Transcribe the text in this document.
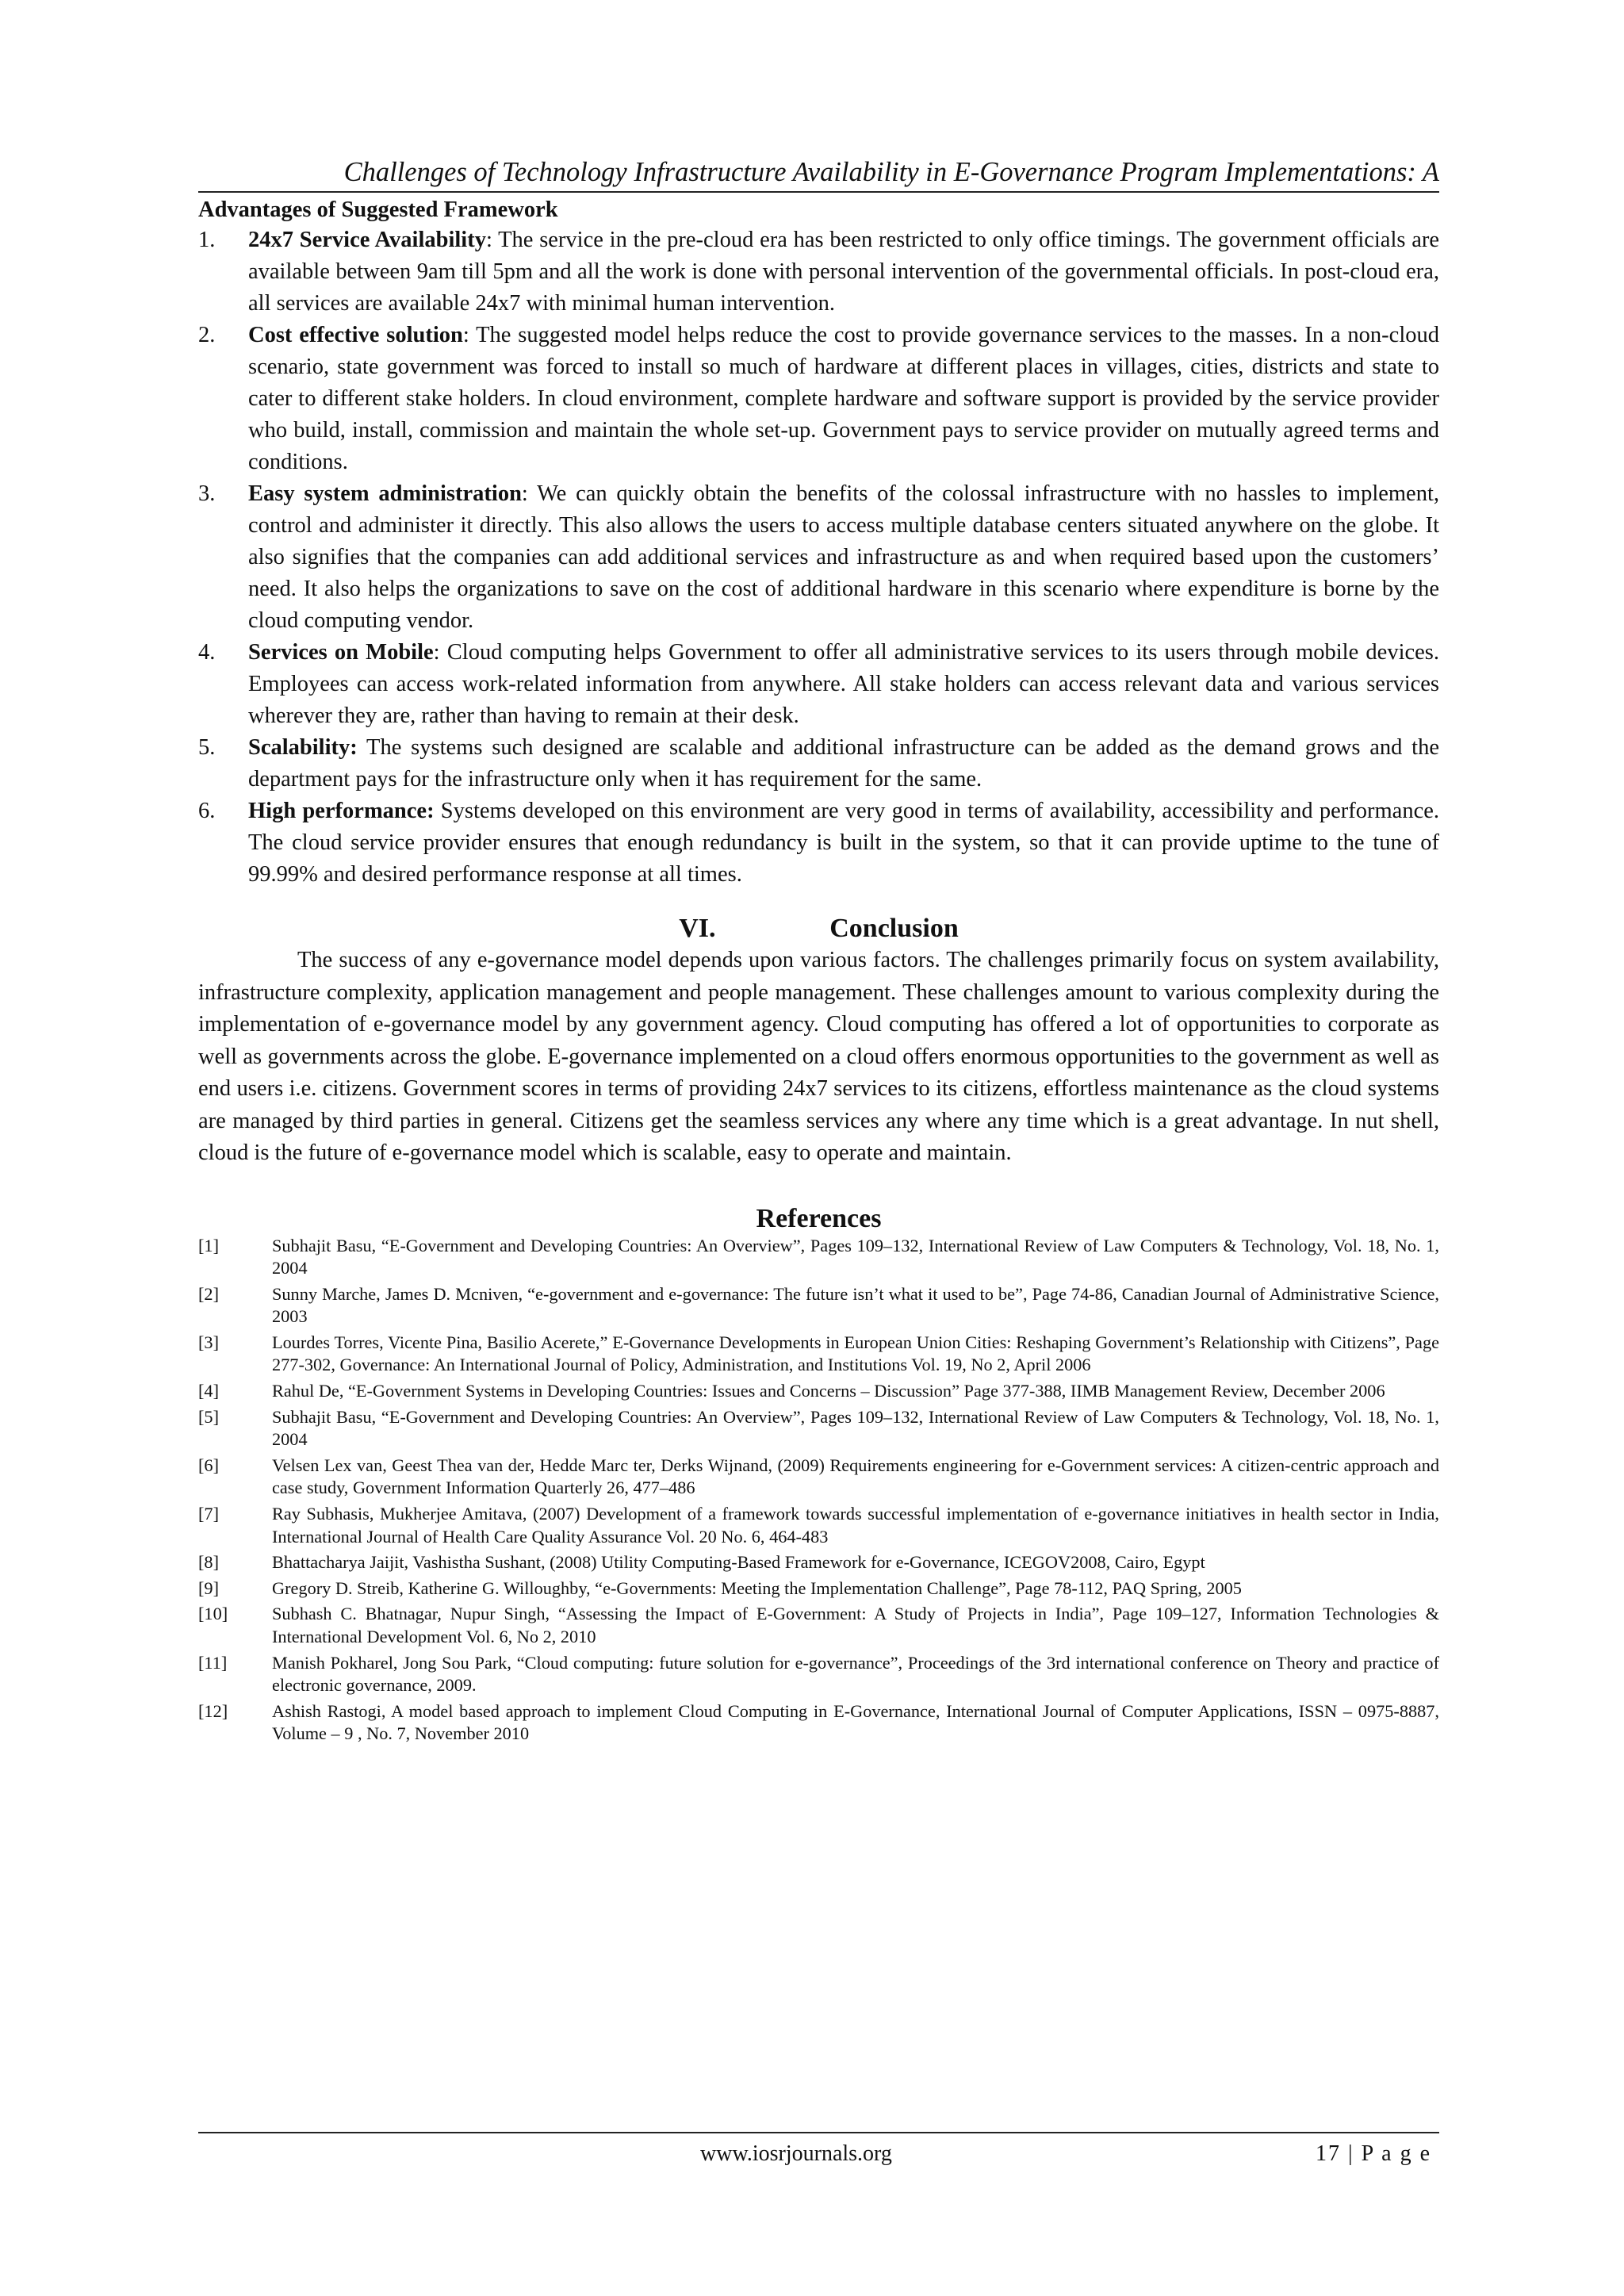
Challenges of Technology Infrastructure Availability in E-Governance Program Implementations: A
Advantages of Suggested Framework
1. 24x7 Service Availability: The service in the pre-cloud era has been restricted to only office timings. The government officials are available between 9am till 5pm and all the work is done with personal intervention of the governmental officials. In post-cloud era, all services are available 24x7 with minimal human intervention.
2. Cost effective solution: The suggested model helps reduce the cost to provide governance services to the masses. In a non-cloud scenario, state government was forced to install so much of hardware at different places in villages, cities, districts and state to cater to different stake holders. In cloud environment, complete hardware and software support is provided by the service provider who build, install, commission and maintain the whole set-up. Government pays to service provider on mutually agreed terms and conditions.
3. Easy system administration: We can quickly obtain the benefits of the colossal infrastructure with no hassles to implement, control and administer it directly. This also allows the users to access multiple database centers situated anywhere on the globe. It also signifies that the companies can add additional services and infrastructure as and when required based upon the customers’ need. It also helps the organizations to save on the cost of additional hardware in this scenario where expenditure is borne by the cloud computing vendor.
4. Services on Mobile: Cloud computing helps Government to offer all administrative services to its users through mobile devices. Employees can access work-related information from anywhere. All stake holders can access relevant data and various services wherever they are, rather than having to remain at their desk.
5. Scalability: The systems such designed are scalable and additional infrastructure can be added as the demand grows and the department pays for the infrastructure only when it has requirement for the same.
6. High performance: Systems developed on this environment are very good in terms of availability, accessibility and performance. The cloud service provider ensures that enough redundancy is built in the system, so that it can provide uptime to the tune of 99.99% and desired performance response at all times.
VI.	Conclusion

The success of any e-governance model depends upon various factors. The challenges primarily focus on system availability, infrastructure complexity, application management and people management. These challenges amount to various complexity during the implementation of e-governance model by any government agency. Cloud computing has offered a lot of opportunities to corporate as well as governments across the globe. E-governance implemented on a cloud offers enormous opportunities to the government as well as end users i.e. citizens. Government scores in terms of providing 24x7 services to its citizens, effortless maintenance as the cloud systems are managed by third parties in general. Citizens get the seamless services any where any time which is a great advantage. In nut shell, cloud is the future of e-governance model which is scalable, easy to operate and maintain.

References
[1]	Subhajit Basu, “E-Government and Developing Countries: An Overview”, Pages 109–132, International Review of Law Computers & Technology, Vol. 18, No. 1, 2004
[2]	Sunny Marche, James D. Mcniven, “e-government and e-governance: The future isn’t what it used to be”, Page 74-86, Canadian Journal of Administrative Science, 2003
[3]	Lourdes Torres, Vicente Pina, Basilio Acerete,” E-Governance Developments in European Union Cities: Reshaping Government’s Relationship with Citizens”, Page 277-302, Governance: An International Journal of Policy, Administration, and Institutions Vol. 19, No 2, April 2006
[4]	Rahul De, “E-Government Systems in Developing Countries: Issues and Concerns – Discussion” Page 377-388, IIMB Management Review, December 2006
[5]	Subhajit Basu, “E-Government and Developing Countries: An Overview”, Pages 109–132, International Review of Law Computers & Technology, Vol. 18, No. 1, 2004
[6]	Velsen Lex van, Geest Thea van der, Hedde Marc ter, Derks Wijnand, (2009) Requirements engineering for e-Government services: A citizen-centric approach and case study, Government Information Quarterly 26, 477–486
[7]	Ray Subhasis, Mukherjee Amitava, (2007) Development of a framework towards successful implementation of e-governance initiatives in health sector in India, International Journal of Health Care Quality Assurance Vol. 20 No. 6, 464-483
[8]	Bhattacharya Jaijit, Vashistha Sushant, (2008) Utility Computing-Based Framework for e-Governance, ICEGOV2008, Cairo, Egypt
[9]	Gregory D. Streib, Katherine G. Willoughby, “e-Governments: Meeting the Implementation Challenge”, Page 78-112, PAQ Spring, 2005
[10]	Subhash C. Bhatnagar, Nupur Singh, “Assessing the Impact of E-Government: A Study of Projects in India”, Page 109–127, Information Technologies & International Development Vol. 6, No 2, 2010
[11]	Manish Pokharel, Jong Sou Park, “Cloud computing: future solution for e-governance”, Proceedings of the 3rd international conference on Theory and practice of electronic governance, 2009.
[12]	Ashish Rastogi, A model based approach to implement Cloud Computing in E-Governance, International Journal of Computer Applications, ISSN – 0975-8887, Volume – 9 , No. 7, November 2010
www.iosrjournals.org	17 | P a g e
